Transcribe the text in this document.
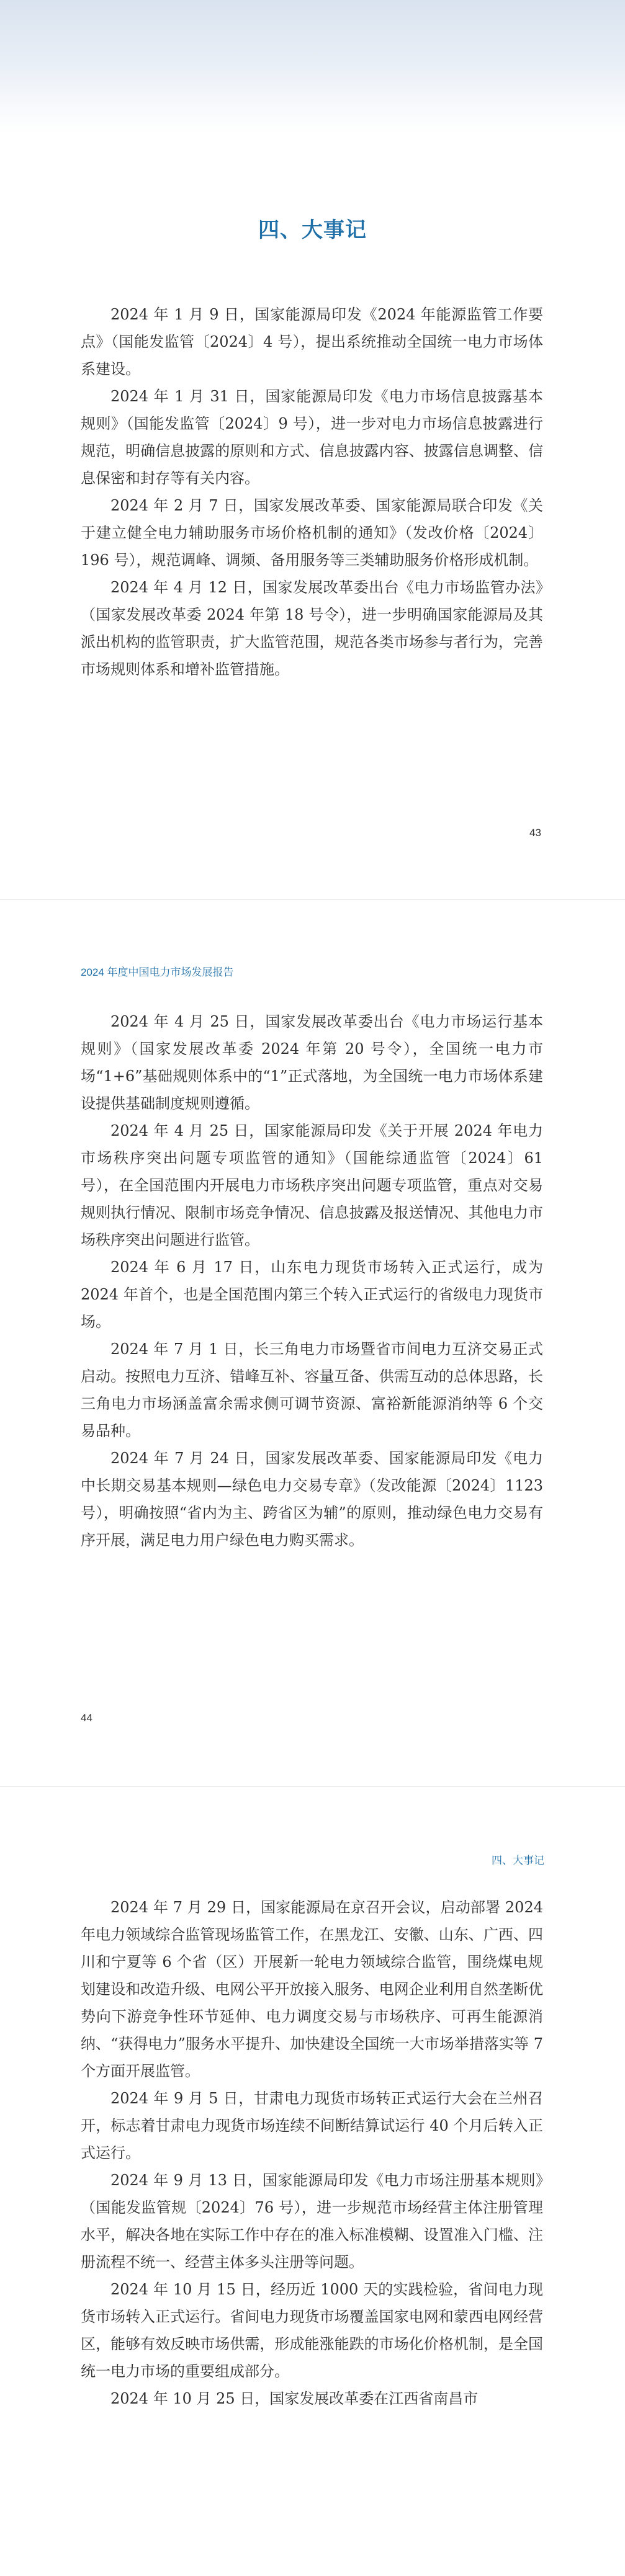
四、大事记

2024 年 1 月 9 日，国家能源局印发《2024 年能源监管工作要点》（国能发监管〔2024〕4 号），提出系统推动全国统一电力市场体系建设。

2024 年 1 月 31 日，国家能源局印发《电力市场信息披露基本规则》（国能发监管〔2024〕9 号），进一步对电力市场信息披露进行规范，明确信息披露的原则和方式、信息披露内容、披露信息调整、信息保密和封存等有关内容。

2024 年 2 月 7 日，国家发展改革委、国家能源局联合印发《关于建立健全电力辅助服务市场价格机制的通知》（发改价格〔2024〕196 号），规范调峰、调频、备用服务等三类辅助服务价格形成机制。

2024 年 4 月 12 日，国家发展改革委出台《电力市场监管办法》（国家发展改革委 2024 年第 18 号令），进一步明确国家能源局及其派出机构的监管职责，扩大监管范围，规范各类市场参与者行为，完善市场规则体系和增补监管措施。

43
2024 年度中国电力市场发展报告

2024 年 4 月 25 日，国家发展改革委出台《电力市场运行基本规则》（国家发展改革委 2024 年第 20 号令），全国统一电力市场“1+6”基础规则体系中的“1”正式落地，为全国统一电力市场体系建设提供基础制度规则遵循。

2024 年 4 月 25 日，国家能源局印发《关于开展 2024 年电力市场秩序突出问题专项监管的通知》（国能综通监管〔2024〕61 号），在全国范围内开展电力市场秩序突出问题专项监管，重点对交易规则执行情况、限制市场竞争情况、信息披露及报送情况、其他电力市场秩序突出问题进行监管。

2024 年 6 月 17 日，山东电力现货市场转入正式运行，成为 2024 年首个，也是全国范围内第三个转入正式运行的省级电力现货市场。

2024 年 7 月 1 日，长三角电力市场暨省市间电力互济交易正式启动。按照电力互济、错峰互补、容量互备、供需互动的总体思路，长三角电力市场涵盖富余需求侧可调节资源、富裕新能源消纳等 6 个交易品种。

2024 年 7 月 24 日，国家发展改革委、国家能源局印发《电力中长期交易基本规则—绿色电力交易专章》（发改能源〔2024〕1123 号），明确按照“省内为主、跨省区为辅”的原则，推动绿色电力交易有序开展，满足电力用户绿色电力购买需求。

44
四、大事记

2024 年 7 月 29 日，国家能源局在京召开会议，启动部署 2024 年电力领域综合监管现场监管工作，在黑龙江、安徽、山东、广西、四川和宁夏等 6 个省（区）开展新一轮电力领域综合监管，围绕煤电规划建设和改造升级、电网公平开放接入服务、电网企业利用自然垄断优势向下游竞争性环节延伸、电力调度交易与市场秩序、可再生能源消纳、“获得电力”服务水平提升、加快建设全国统一大市场举措落实等 7 个方面开展监管。

2024 年 9 月 5 日，甘肃电力现货市场转正式运行大会在兰州召开，标志着甘肃电力现货市场连续不间断结算试运行 40 个月后转入正式运行。

2024 年 9 月 13 日，国家能源局印发《电力市场注册基本规则》（国能发监管规〔2024〕76 号），进一步规范市场经营主体注册管理水平，解决各地在实际工作中存在的准入标准模糊、设置准入门槛、注册流程不统一、经营主体多头注册等问题。

2024 年 10 月 15 日，经历近 1000 天的实践检验，省间电力现货市场转入正式运行。省间电力现货市场覆盖国家电网和蒙西电网经营区，能够有效反映市场供需，形成能涨能跌的市场化价格机制，是全国统一电力市场的重要组成部分。

2024 年 10 月 25 日，国家发展改革委在江西省南昌市
